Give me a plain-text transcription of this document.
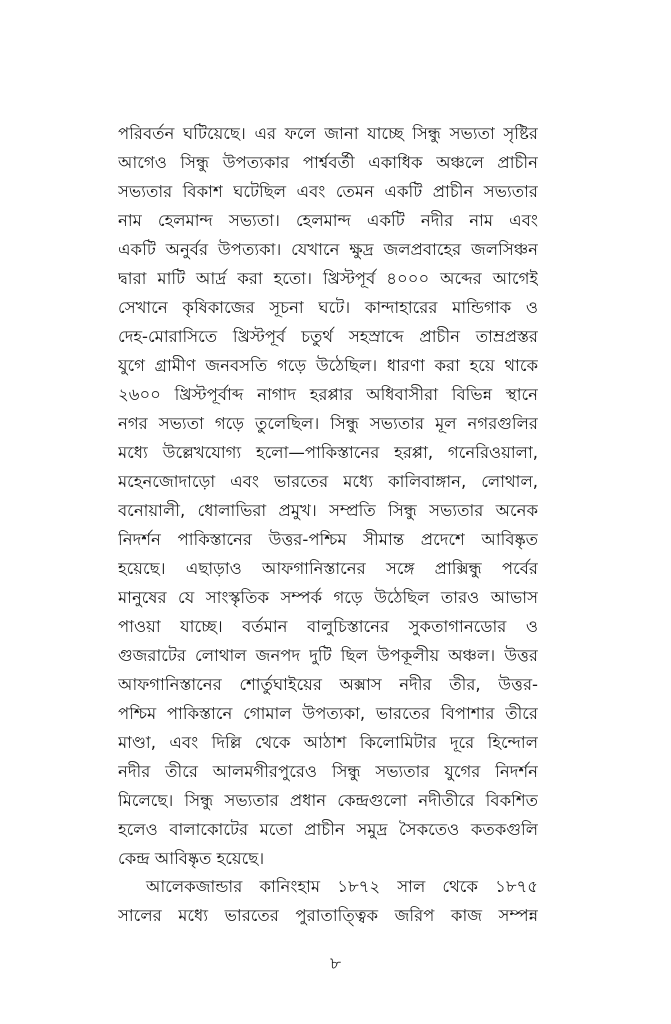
পরিবর্তন ঘটিয়েছে। এর ফলে জানা যাচ্ছে সিন্ধু সভ্যতা সৃষ্টির
আগেও সিন্ধু উপত্যকার পার্শ্ববর্তী একাধিক অঞ্চলে প্রাচীন
সভ্যতার বিকাশ ঘটেছিল এবং তেমন একটি প্রাচীন সভ্যতার
নাম হেলমান্দ সভ্যতা। হেলমান্দ একটি নদীর নাম এবং
একটি অনুর্বর উপত্যকা। যেখানে ক্ষুদ্র জলপ্রবাহের জলসিঞ্চন
দ্বারা মাটি আর্দ্র করা হতো। খ্রিস্টপূর্ব ৪০০০ অব্দের আগেই
সেখানে কৃষিকাজের সূচনা ঘটে। কান্দাহারের মান্ডিগাক ও
দেহ-মোরাসিতে খ্রিস্টপূর্ব চতুর্থ সহস্রাব্দে প্রাচীন তাম্রপ্রস্তর
যুগে গ্রামীণ জনবসতি গড়ে উঠেছিল। ধারণা করা হয়ে থাকে
২৬০০ খ্রিস্টপূর্বাব্দ নাগাদ হরপ্পার অধিবাসীরা বিভিন্ন স্থানে
নগর সভ্যতা গড়ে তুলেছিল। সিন্ধু সভ্যতার মূল নগরগুলির
মধ্যে উল্লেখযোগ্য হলো—পাকিস্তানের হরপ্পা, গনেরিওয়ালা,
মহেনজোদাড়ো এবং ভারতের মধ্যে কালিবাঙ্গান, লোথাল,
বনোয়ালী, ধোলাভিরা প্রমুখ। সম্প্রতি সিন্ধু সভ্যতার অনেক
নিদর্শন পাকিস্তানের উত্তর-পশ্চিম সীমান্ত প্রদেশে আবিষ্কৃত
হয়েছে। এছাড়াও আফগানিস্তানের সঙ্গে প্রাক্সিন্ধু পর্বের
মানুষের যে সাংস্কৃতিক সম্পর্ক গড়ে উঠেছিল তারও আভাস
পাওয়া যাচ্ছে। বর্তমান বালুচিস্তানের সুকতাগানডোর ও
গুজরাটের লোথাল জনপদ দুটি ছিল উপকূলীয় অঞ্চল। উত্তর
আফগানিস্তানের শোর্তুঘাইয়ের অক্সাস নদীর তীর, উত্তর-
পশ্চিম পাকিস্তানে গোমাল উপত্যকা, ভারতের বিপাশার তীরে
মাণ্ডা, এবং দিল্লি থেকে আঠাশ কিলোমিটার দূরে হিন্দোল
নদীর তীরে আলমগীরপুরেও সিন্ধু সভ্যতার যুগের নিদর্শন
মিলেছে। সিন্ধু সভ্যতার প্রধান কেন্দ্রগুলো নদীতীরে বিকশিত
হলেও বালাকোটের মতো প্রাচীন সমুদ্র সৈকতেও কতকগুলি
কেন্দ্র আবিষ্কৃত হয়েছে।
আলেকজান্ডার কানিংহাম ১৮৭২ সাল থেকে ১৮৭৫
সালের মধ্যে ভারতের পুরাতাত্ত্বিক জরিপ কাজ সম্পন্ন
৮
